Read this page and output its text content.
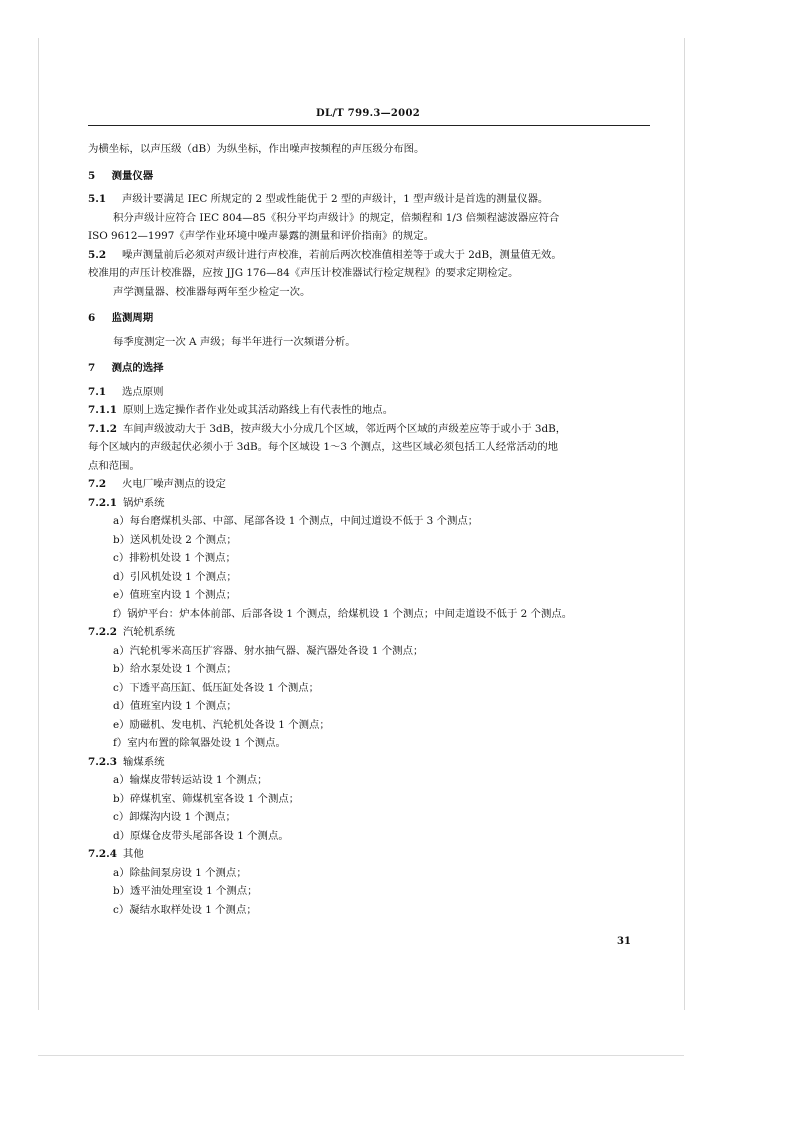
DL/T 799.3—2002
为横坐标，以声压级（dB）为纵坐标，作出噪声按频程的声压级分布图。
5 测量仪器
5.1 声级计要满足 IEC 所规定的 2 型或性能优于 2 型的声级计，1 型声级计是首选的测量仪器。
积分声级计应符合 IEC 804—85《积分平均声级计》的规定，倍频程和 1/3 倍频程滤波器应符合
ISO 9612—1997《声学作业环境中噪声暴露的测量和评价指南》的规定。
5.2 噪声测量前后必须对声级计进行声校准，若前后两次校准值相差等于或大于 2dB，测量值无效。
校准用的声压计校准器，应按 JJG 176—84《声压计校准器试行检定规程》的要求定期检定。
声学测量器、校准器每两年至少检定一次。
6 监测周期
每季度测定一次 A 声级；每半年进行一次频谱分析。
7 测点的选择
7.1 选点原则
7.1.1 原则上选定操作者作业处或其活动路线上有代表性的地点。
7.1.2 车间声级波动大于 3dB，按声级大小分成几个区域，邻近两个区域的声级差应等于或小于 3dB，
每个区域内的声级起伏必须小于 3dB。每个区域设 1～3 个测点，这些区域必须包括工人经常活动的地
点和范围。
7.2 火电厂噪声测点的设定
7.2.1 锅炉系统
a）每台磨煤机头部、中部、尾部各设 1 个测点，中间过道设不低于 3 个测点；
b）送风机处设 2 个测点；
c）排粉机处设 1 个测点；
d）引风机处设 1 个测点；
e）值班室内设 1 个测点；
f）锅炉平台：炉本体前部、后部各设 1 个测点，给煤机设 1 个测点；中间走道设不低于 2 个测点。
7.2.2 汽轮机系统
a）汽轮机零米高压扩容器、射水抽气器、凝汽器处各设 1 个测点；
b）给水泵处设 1 个测点；
c）下透平高压缸、低压缸处各设 1 个测点；
d）值班室内设 1 个测点；
e）励磁机、发电机、汽轮机处各设 1 个测点；
f）室内布置的除氧器处设 1 个测点。
7.2.3 输煤系统
a）输煤皮带转运站设 1 个测点；
b）碎煤机室、筛煤机室各设 1 个测点；
c）卸煤沟内设 1 个测点；
d）原煤仓皮带头尾部各设 1 个测点。
7.2.4 其他
a）除盐间泵房设 1 个测点；
b）透平油处理室设 1 个测点；
c）凝结水取样处设 1 个测点；
31
